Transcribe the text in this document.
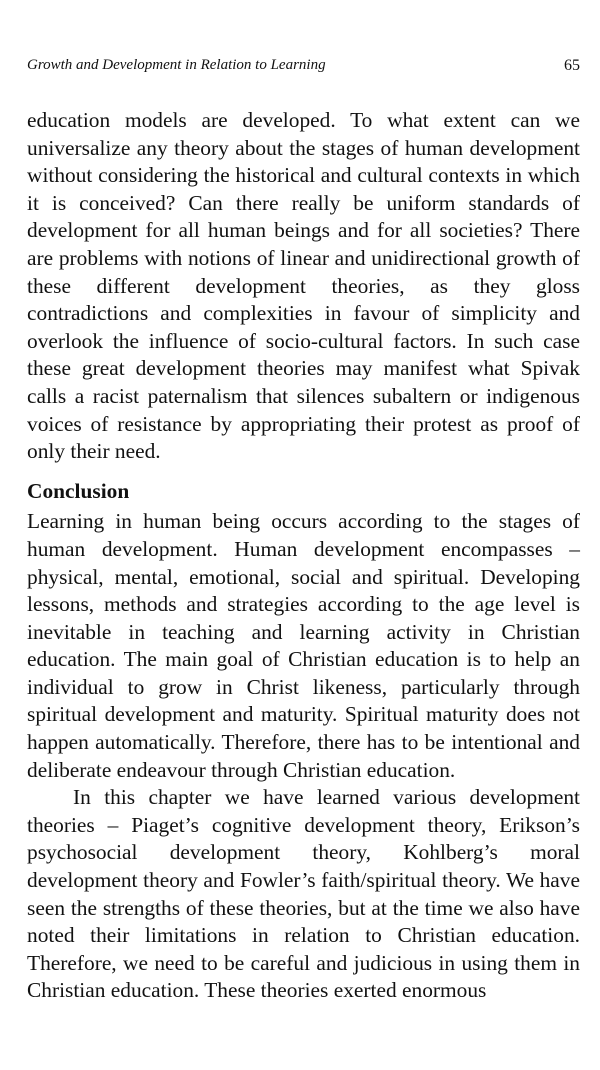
Growth and Development in Relation to Learning	65

education models are developed. To what extent can we universalize any theory about the stages of human development without considering the historical and cultural contexts in which it is conceived? Can there really be uniform standards of development for all human beings and for all societies? There are problems with notions of linear and unidirectional growth of these different development theories, as they gloss contradictions and complexities in favour of simplicity and overlook the influence of socio-cultural factors. In such case these great development theories may manifest what Spivak calls a racist paternalism that silences subaltern or indigenous voices of resistance by appropriating their protest as proof of only their need.

Conclusion

Learning in human being occurs according to the stages of human development. Human development encompasses – physical, mental, emotional, social and spiritual. Developing lessons, methods and strategies according to the age level is inevitable in teaching and learning activity in Christian education. The main goal of Christian education is to help an individual to grow in Christ likeness, particularly through spiritual development and maturity. Spiritual maturity does not happen automatically. Therefore, there has to be intentional and deliberate endeavour through Christian education.

In this chapter we have learned various development theories – Piaget’s cognitive development theory, Erikson’s psychosocial development theory, Kohlberg’s moral development theory and Fowler’s faith/spiritual theory. We have seen the strengths of these theories, but at the time we also have noted their limitations in relation to Christian education. Therefore, we need to be careful and judicious in using them in Christian education. These theories exerted enormous
